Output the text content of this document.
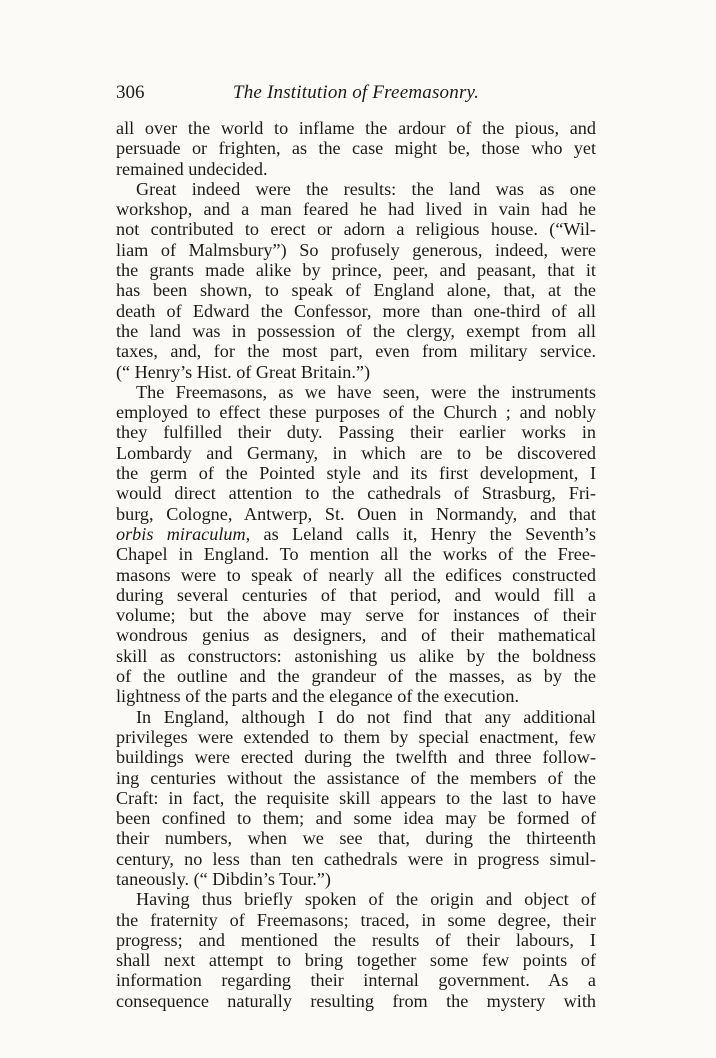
306	The Institution of Freemasonry.
all over the world to inflame the ardour of the pious, and
persuade or frighten, as the case might be, those who yet
remained undecided.
Great indeed were the results: the land was as one
workshop, and a man feared he had lived in vain had he
not contributed to erect or adorn a religious house. (“Wil-
liam of Malmsbury”) So profusely generous, indeed, were
the grants made alike by prince, peer, and peasant, that it
has been shown, to speak of England alone, that, at the
death of Edward the Confessor, more than one-third of all
the land was in possession of the clergy, exempt from all
taxes, and, for the most part, even from military service.
(“ Henry’s Hist. of Great Britain.”)
The Freemasons, as we have seen, were the instruments
employed to effect these purposes of the Church ; and nobly
they fulfilled their duty. Passing their earlier works in
Lombardy and Germany, in which are to be discovered
the germ of the Pointed style and its first development, I
would direct attention to the cathedrals of Strasburg, Fri-
burg, Cologne, Antwerp, St. Ouen in Normandy, and that
orbis miraculum, as Leland calls it, Henry the Seventh’s
Chapel in England. To mention all the works of the Free-
masons were to speak of nearly all the edifices constructed
during several centuries of that period, and would fill a
volume; but the above may serve for instances of their
wondrous genius as designers, and of their mathematical
skill as constructors: astonishing us alike by the boldness
of the outline and the grandeur of the masses, as by the
lightness of the parts and the elegance of the execution.
In England, although I do not find that any additional
privileges were extended to them by special enactment, few
buildings were erected during the twelfth and three follow-
ing centuries without the assistance of the members of the
Craft: in fact, the requisite skill appears to the last to have
been confined to them; and some idea may be formed of
their numbers, when we see that, during the thirteenth
century, no less than ten cathedrals were in progress simul-
taneously. (“ Dibdin’s Tour.”)
Having thus briefly spoken of the origin and object of
the fraternity of Freemasons; traced, in some degree, their
progress; and mentioned the results of their labours, I
shall next attempt to bring together some few points of
information regarding their internal government. As a
consequence naturally resulting from the mystery with
